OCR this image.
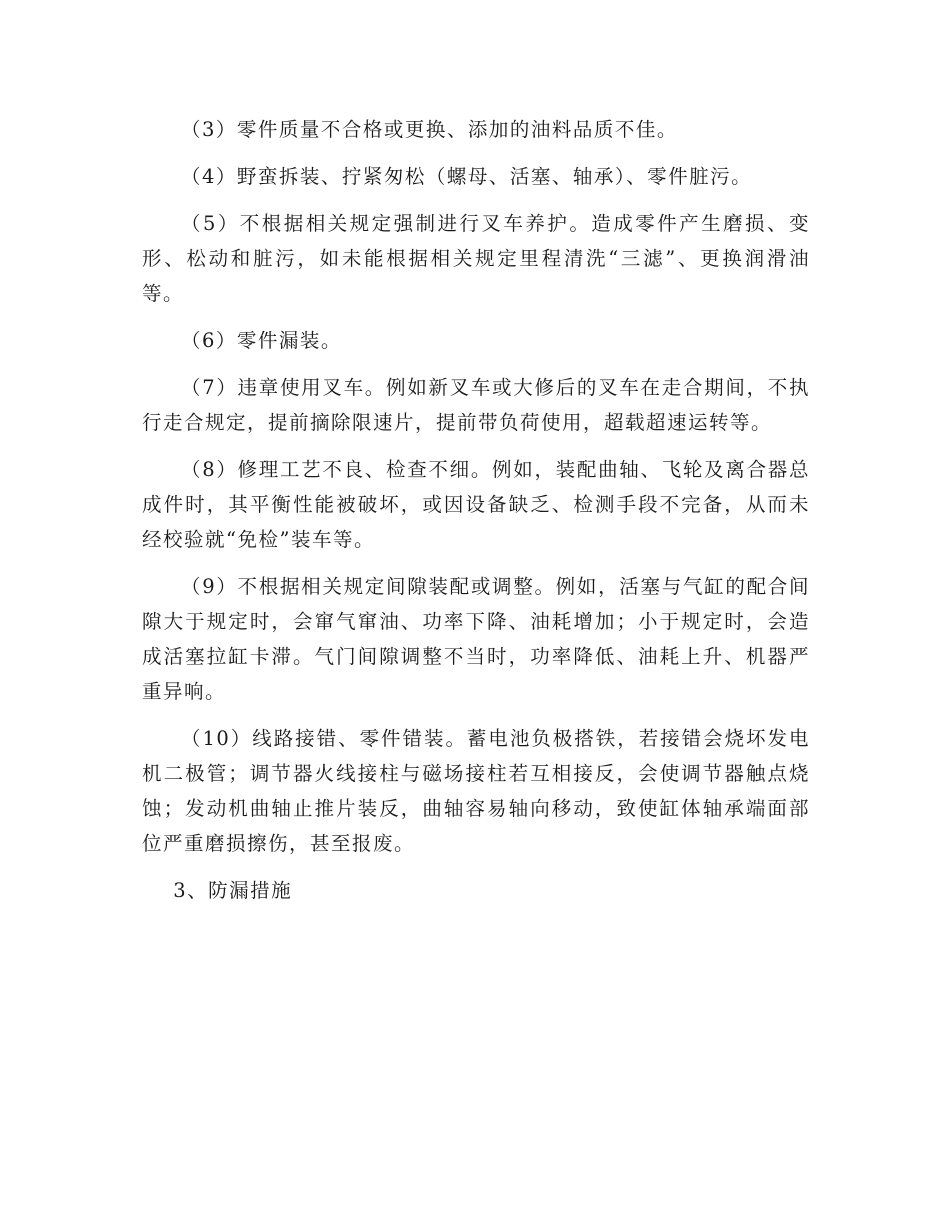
（3）零件质量不合格或更换、添加的油料品质不佳。

（4）野蛮拆装、拧紧匆松（螺母、活塞、轴承）、零件脏污。

（5）不根据相关规定强制进行叉车养护。造成零件产生磨损、变形、松动和脏污，如未能根据相关规定里程清洗“三滤”、更换润滑油等。

（6）零件漏装。

（7）违章使用叉车。例如新叉车或大修后的叉车在走合期间，不执行走合规定，提前摘除限速片，提前带负荷使用，超载超速运转等。

（8）修理工艺不良、检查不细。例如，装配曲轴、飞轮及离合器总成件时，其平衡性能被破坏，或因设备缺乏、检测手段不完备，从而未经校验就“免检”装车等。

（9）不根据相关规定间隙装配或调整。例如，活塞与气缸的配合间隙大于规定时，会窜气窜油、功率下降、油耗增加；小于规定时，会造成活塞拉缸卡滞。气门间隙调整不当时，功率降低、油耗上升、机器严重异响。

（10）线路接错、零件错装。蓄电池负极搭铁，若接错会烧坏发电机二极管；调节器火线接柱与磁场接柱若互相接反，会使调节器触点烧蚀；发动机曲轴止推片装反，曲轴容易轴向移动，致使缸体轴承端面部位严重磨损擦伤，甚至报废。

3、防漏措施
